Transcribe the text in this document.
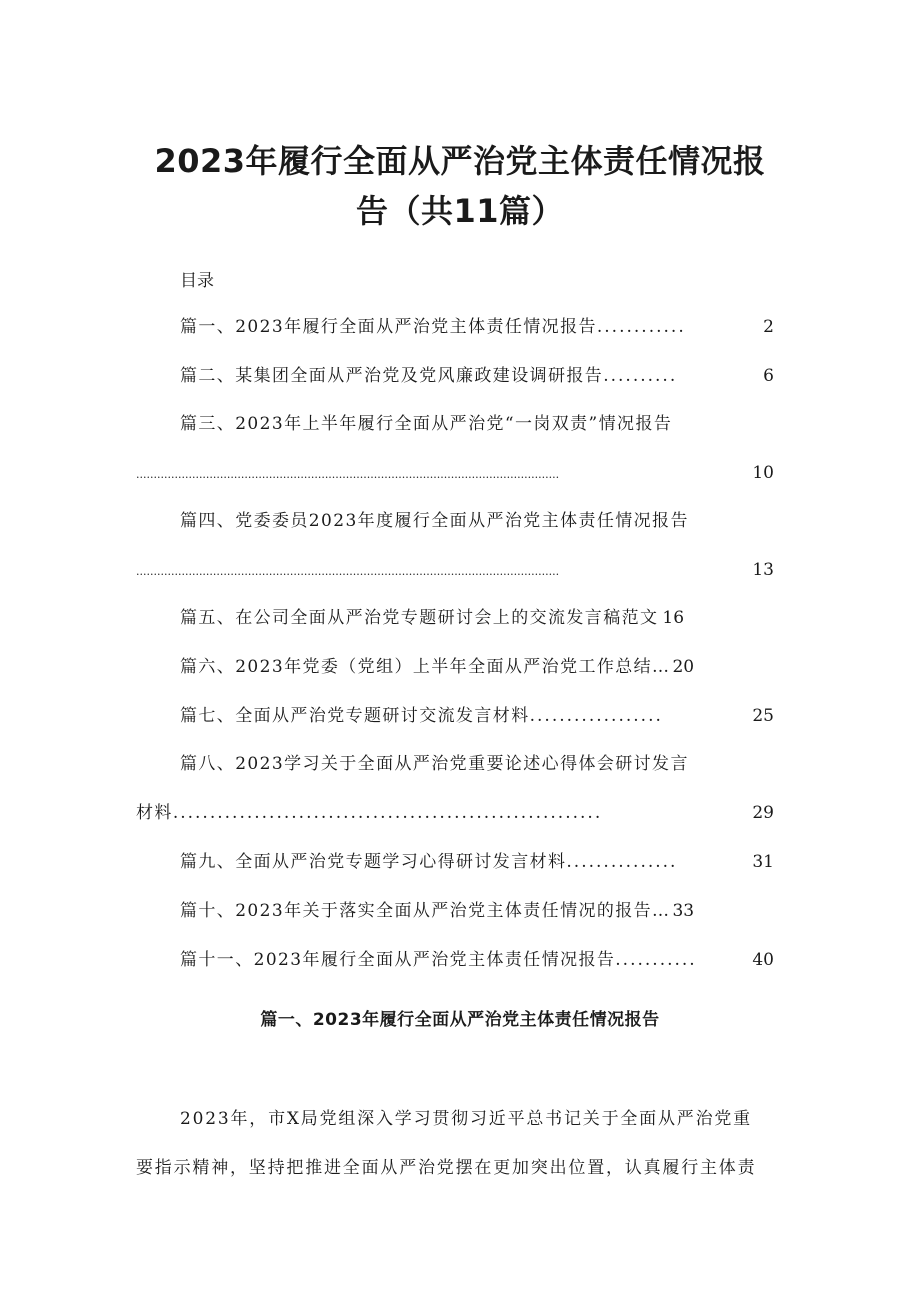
2023年履行全面从严治党主体责任情况报
告（共11篇）
目录
篇一、2023年履行全面从严治党主体责任情况报告 ............	2
篇二、某集团全面从严治党及党风廉政建设调研报告 ..........	6
篇三、2023年上半年履行全面从严治党“一岗双责”情况报告
.........................................................................................................................	10
篇四、党委委员2023年度履行全面从严治党主体责任情况报告
.........................................................................................................................	13
篇五、在公司全面从严治党专题研讨会上的交流发言稿范文 16
篇六、2023年党委（党组）上半年全面从严治党工作总结… 20
篇七、全面从严治党专题研讨交流发言材料 ..................	25
篇八、2023学习关于全面从严治党重要论述心得体会研讨发言
材料 ..........................................................	29
篇九、全面从严治党专题学习心得研讨发言材料 ...............	31
篇十、2023年关于落实全面从严治党主体责任情况的报告… 33
篇十一、2023年履行全面从严治党主体责任情况报告 ...........	40
篇一、2023年履行全面从严治党主体责任情况报告
2023年，市X局党组深入学习贯彻习近平总书记关于全面从严治党重
要指示精神，坚持把推进全面从严治党摆在更加突出位置，认真履行主体责
